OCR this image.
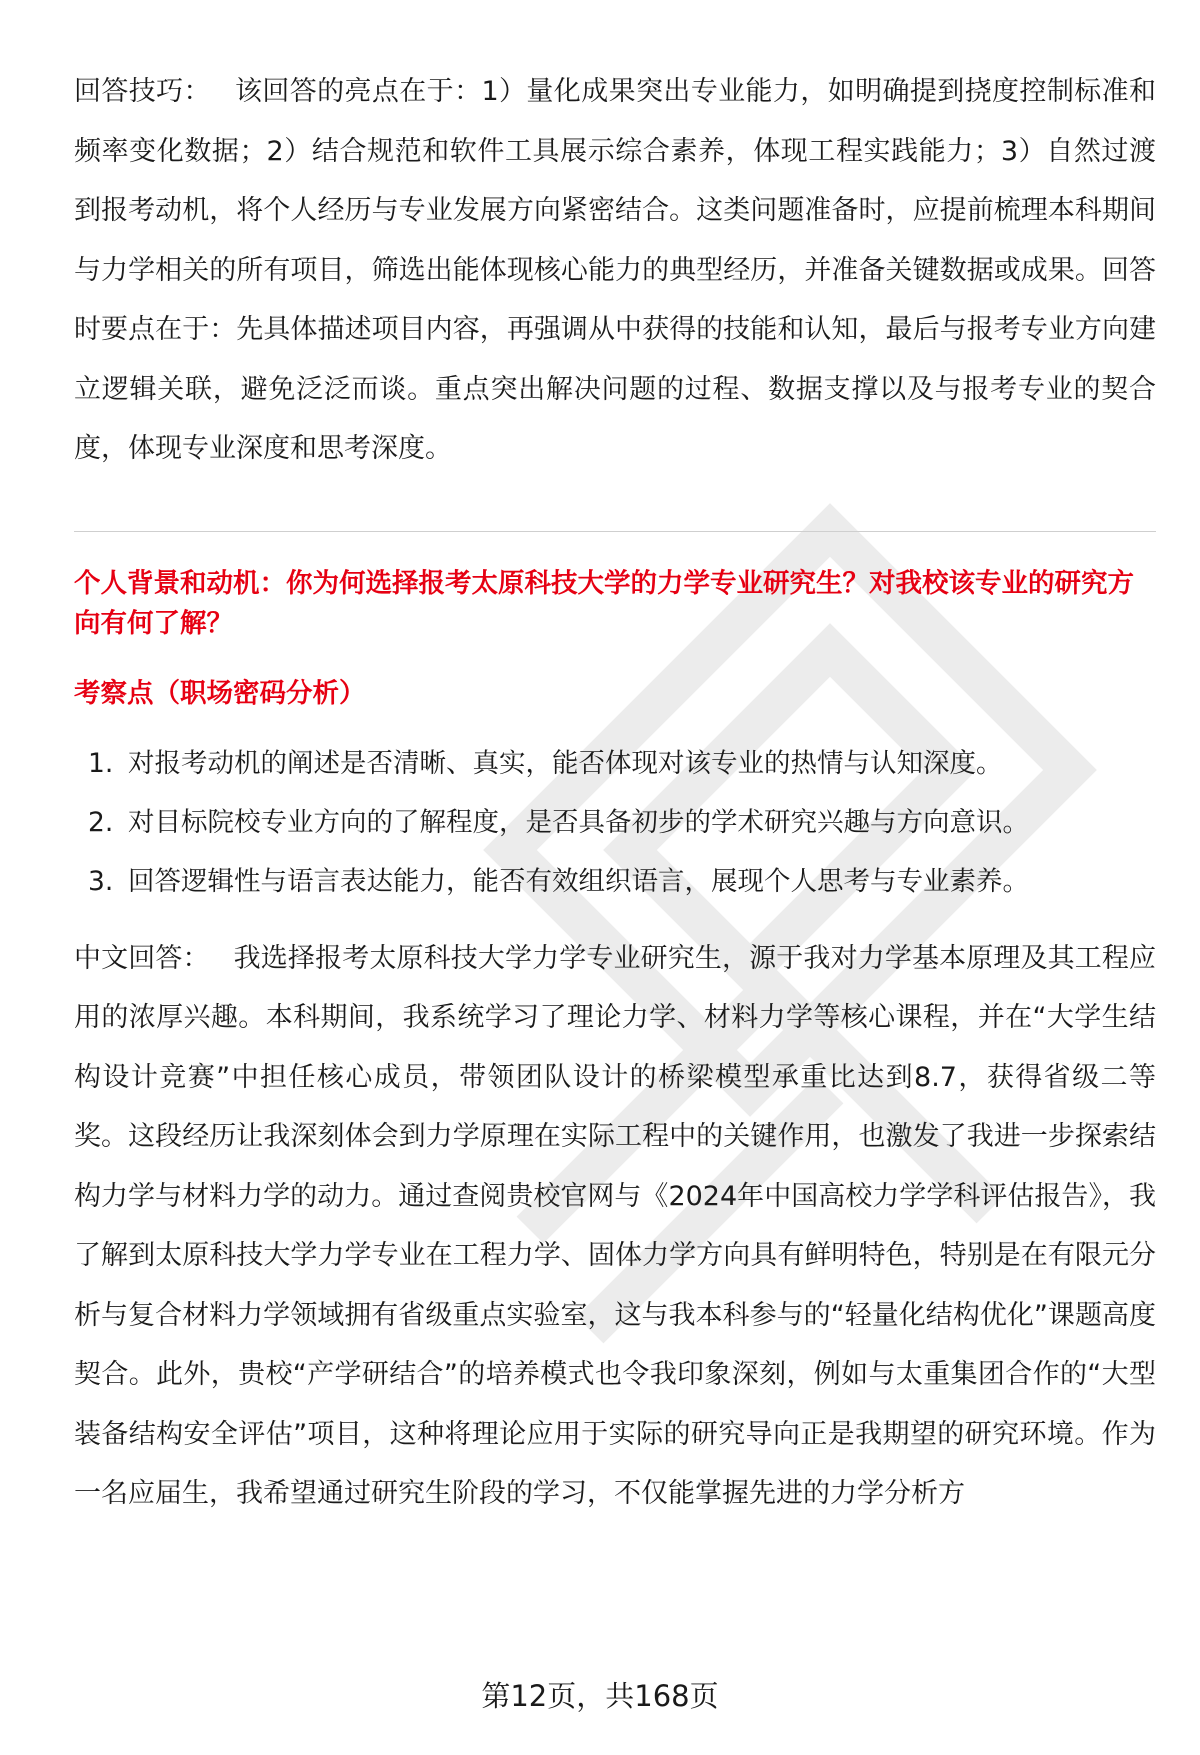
回答技巧： 该回答的亮点在于：1）量化成果突出专业能力，如明确提到挠度控制标准和频率变化数据；2）结合规范和软件工具展示综合素养，体现工程实践能力；3）自然过渡到报考动机，将个人经历与专业发展方向紧密结合。这类问题准备时，应提前梳理本科期间与力学相关的所有项目，筛选出能体现核心能力的典型经历，并准备关键数据或成果。回答时要点在于：先具体描述项目内容，再强调从中获得的技能和认知，最后与报考专业方向建立逻辑关联，避免泛泛而谈。重点突出解决问题的过程、数据支撑以及与报考专业的契合度，体现专业深度和思考深度。

个人背景和动机：你为何选择报考太原科技大学的力学专业研究生？对我校该专业的研究方向有何了解？

考察点（职场密码分析）

1. 对报考动机的阐述是否清晰、真实，能否体现对该专业的热情与认知深度。
2. 对目标院校专业方向的了解程度，是否具备初步的学术研究兴趣与方向意识。
3. 回答逻辑性与语言表达能力，能否有效组织语言，展现个人思考与专业素养。

中文回答： 我选择报考太原科技大学力学专业研究生，源于我对力学基本原理及其工程应用的浓厚兴趣。本科期间，我系统学习了理论力学、材料力学等核心课程，并在“大学生结构设计竞赛”中担任核心成员，带领团队设计的桥梁模型承重比达到8.7，获得省级二等奖。这段经历让我深刻体会到力学原理在实际工程中的关键作用，也激发了我进一步探索结构力学与材料力学的动力。通过查阅贵校官网与《2024年中国高校力学学科评估报告》，我了解到太原科技大学力学专业在工程力学、固体力学方向具有鲜明特色，特别是在有限元分析与复合材料力学领域拥有省级重点实验室，这与我本科参与的“轻量化结构优化”课题高度契合。此外，贵校“产学研结合”的培养模式也令我印象深刻，例如与太重集团合作的“大型装备结构安全评估”项目，这种将理论应用于实际的研究导向正是我期望的研究环境。作为一名应届生，我希望通过研究生阶段的学习，不仅能掌握先进的力学分析方

第12页，共168页
